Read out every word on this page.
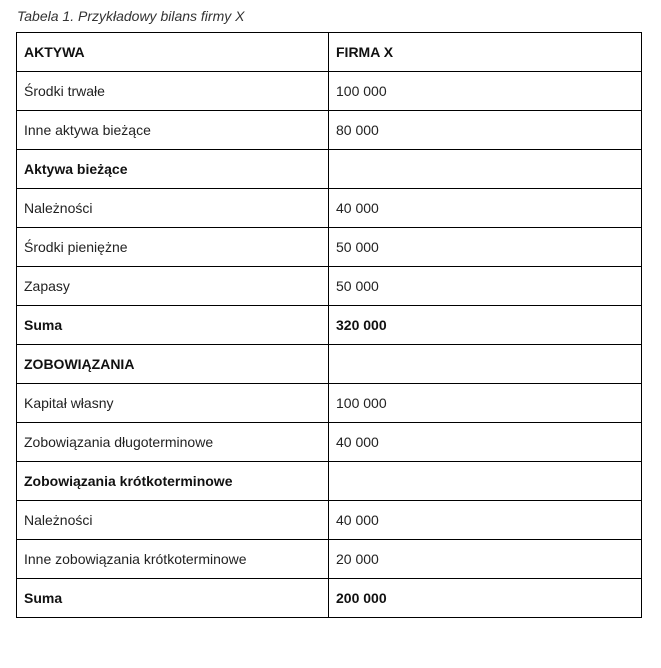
Tabela 1. Przykładowy bilans firmy X
AKTYWA	FIRMA X
Środki trwałe	100 000
Inne aktywa bieżące	80 000
Aktywa bieżące	
Należności	40 000
Środki pieniężne	50 000
Zapasy	50 000
Suma	320 000
ZOBOWIĄZANIA	
Kapitał własny	100 000
Zobowiązania długoterminowe	40 000
Zobowiązania krótkoterminowe	
Należności	40 000
Inne zobowiązania krótkoterminowe	20 000
Suma	200 000
